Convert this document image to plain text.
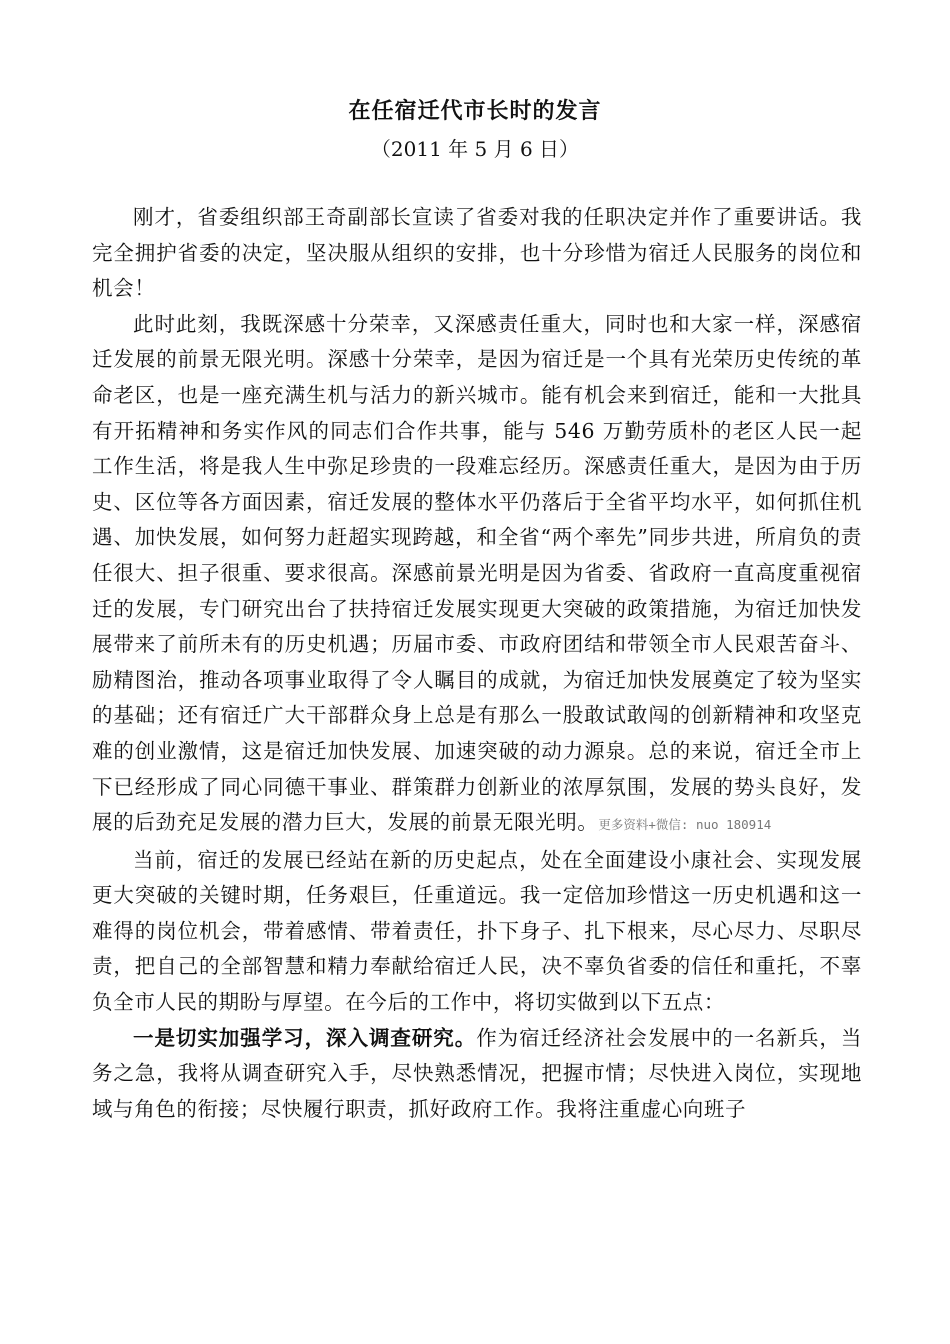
在任宿迁代市长时的发言
（2011 年 5 月 6 日）

刚才，省委组织部王奇副部长宣读了省委对我的任职决定并作了重要讲话。我完全拥护省委的决定，坚决服从组织的安排，也十分珍惜为宿迁人民服务的岗位和机会！

此时此刻，我既深感十分荣幸，又深感责任重大，同时也和大家一样，深感宿迁发展的前景无限光明。深感十分荣幸，是因为宿迁是一个具有光荣历史传统的革命老区，也是一座充满生机与活力的新兴城市。能有机会来到宿迁，能和一大批具有开拓精神和务实作风的同志们合作共事，能与 546 万勤劳质朴的老区人民一起工作生活，将是我人生中弥足珍贵的一段难忘经历。深感责任重大，是因为由于历史、区位等各方面因素，宿迁发展的整体水平仍落后于全省平均水平，如何抓住机遇、加快发展，如何努力赶超实现跨越，和全省“两个率先”同步共进，所肩负的责任很大、担子很重、要求很高。深感前景光明是因为省委、省政府一直高度重视宿迁的发展，专门研究出台了扶持宿迁发展实现更大突破的政策措施，为宿迁加快发展带来了前所未有的历史机遇；历届市委、市政府团结和带领全市人民艰苦奋斗、励精图治，推动各项事业取得了令人瞩目的成就，为宿迁加快发展奠定了较为坚实的基础；还有宿迁广大干部群众身上总是有那么一股敢试敢闯的创新精神和攻坚克难的创业激情，这是宿迁加快发展、加速突破的动力源泉。总的来说，宿迁全市上下已经形成了同心同德干事业、群策群力创新业的浓厚氛围，发展的势头良好，发展的后劲充足发展的潜力巨大，发展的前景无限光明。更多资料+微信: nuo 180914

当前，宿迁的发展已经站在新的历史起点，处在全面建设小康社会、实现发展更大突破的关键时期，任务艰巨，任重道远。我一定倍加珍惜这一历史机遇和这一难得的岗位机会，带着感情、带着责任，扑下身子、扎下根来，尽心尽力、尽职尽责，把自己的全部智慧和精力奉献给宿迁人民，决不辜负省委的信任和重托，不辜负全市人民的期盼与厚望。在今后的工作中，将切实做到以下五点：

一是切实加强学习，深入调查研究。作为宿迁经济社会发展中的一名新兵，当务之急，我将从调查研究入手，尽快熟悉情况，把握市情；尽快进入岗位，实现地域与角色的衔接；尽快履行职责，抓好政府工作。我将注重虚心向班子
